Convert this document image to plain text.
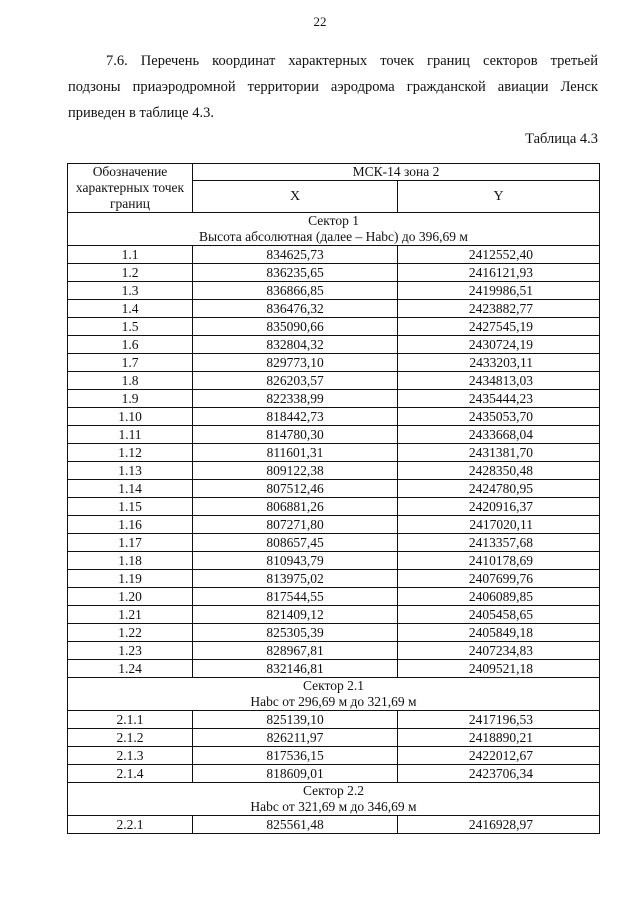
22
7.6. Перечень координат характерных точек границ секторов третьей
подзоны приаэродромной территории аэродрома гражданской авиации Ленск
приведен в таблице 4.3.
Таблица 4.3
Обозначение
характерных точек
границ	МСК-14 зона 2	
	X	Y

Сектор 1
Высота абсолютная (далее – Нabс) до 396,69 м		

1.1	834625,73	2412552,40
1.2	836235,65	2416121,93
1.3	836866,85	2419986,51
1.4	836476,32	2423882,77
1.5	835090,66	2427545,19
1.6	832804,32	2430724,19
1.7	829773,10	2433203,11
1.8	826203,57	2434813,03
1.9	822338,99	2435444,23
1.10	818442,73	2435053,70
1.11	814780,30	2433668,04
1.12	811601,31	2431381,70
1.13	809122,38	2428350,48
1.14	807512,46	2424780,95
1.15	806881,26	2420916,37
1.16	807271,80	2417020,11
1.17	808657,45	2413357,68
1.18	810943,79	2410178,69
1.19	813975,02	2407699,76
1.20	817544,55	2406089,85
1.21	821409,12	2405458,65
1.22	825305,39	2405849,18
1.23	828967,81	2407234,83
1.24	832146,81	2409521,18

Сектор 2.1
Наbс от 296,69 м до 321,69 м		

2.1.1	825139,10	2417196,53
2.1.2	826211,97	2418890,21
2.1.3	817536,15	2422012,67
2.1.4	818609,01	2423706,34

Сектор 2.2
Наbс от 321,69 м до 346,69 м		

2.2.1	825561,48	2416928,97
